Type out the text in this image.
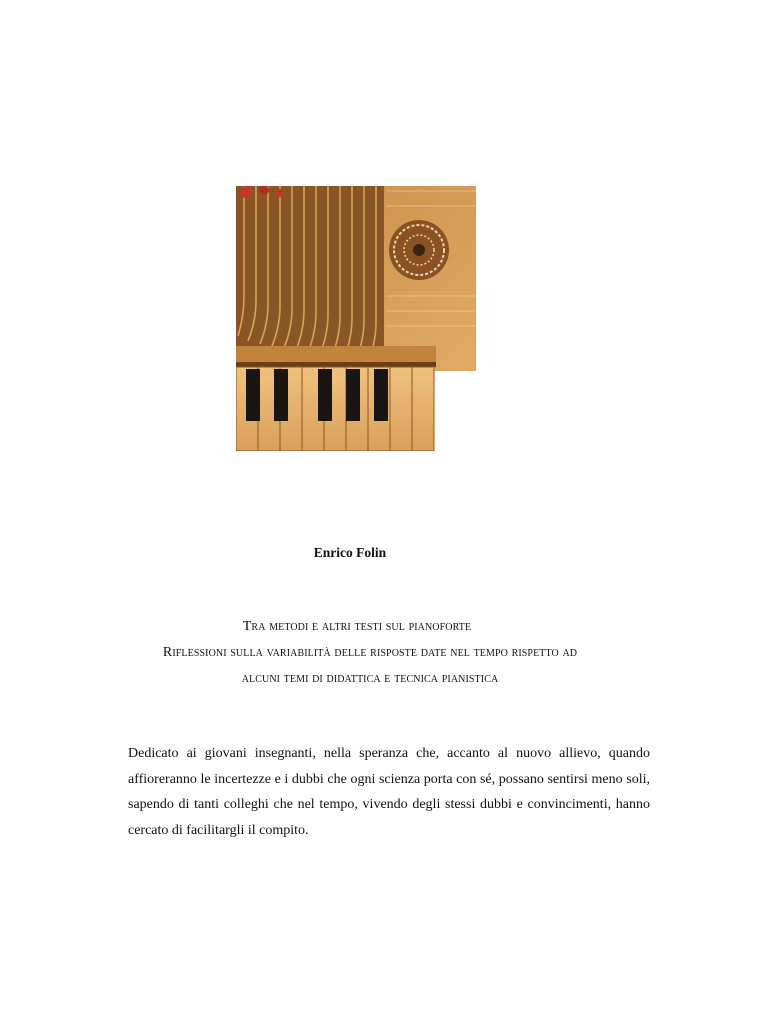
Enrico Folin
Tra metodi e altri testi sul pianoforte
Riflessioni sulla variabilità delle risposte date nel tempo rispetto ad
alcuni temi di didattica e tecnica pianistica

Dedicato ai giovani insegnanti, nella speranza che, accanto al nuovo allievo, quando affioreranno le incertezze e i dubbi che ogni scienza porta con sé, possano sentirsi meno soli, sapendo di tanti colleghi che nel tempo, vivendo degli stessi dubbi e convincimenti, hanno cercato di facilitargli il compito.
